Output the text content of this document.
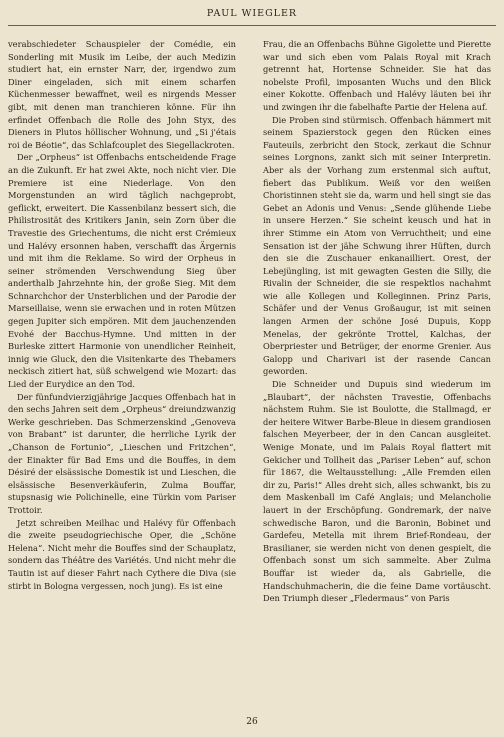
PAUL WIEGLER

verabschiedeter Schauspieler der Comédie, ein Sonderling mit Musik im Leibe, der auch Medizin studiert hat, ein ernster Narr, der, irgendwo zum Diner eingeladen, sich mit einem scharfen Küchenmesser bewaffnet, weil es nirgends Messer gibt, mit denen man tranchieren könne. Für ihn erfindet Offenbach die Rolle des John Styx, des Dieners in Plutos höllischer Wohnung, und „Si j'étais roi de Béotie“, das Schlafcouplet des Siegellackroten.

Der „Orpheus“ ist Offenbachs entscheidende Frage an die Zukunft. Er hat zwei Akte, noch nicht vier. Die Premiere ist eine Niederlage. Von den Morgenstunden an wird täglich nachgeprobt, geflickt, erweitert. Die Kassenbilanz bessert sich, die Philistrosität des Kritikers Janin, sein Zorn über die Travestie des Griechentums, die nicht erst Crémieux und Halévy ersonnen haben, verschafft das Ärgernis und mit ihm die Reklame. So wird der Orpheus in seiner strömenden Verschwendung Sieg über anderthalb Jahrzehnte hin, der große Sieg. Mit dem Schnarchchor der Unsterblichen und der Parodie der Marseillaise, wenn sie erwachen und in roten Mützen gegen Jupiter sich empören. Mit dem jauchenzenden Evohé der Bacchus-Hymne. Und mitten in der Burleske zittert Harmonie von unendlicher Reinheit, innig wie Gluck, den die Visitenkarte des Thebamers neckisch zitiert hat, süß schwelgend wie Mozart: das Lied der Eurydice an den Tod.

Der fünfundvierzigjährige Jacques Offenbach hat in den sechs Jahren seit dem „Orpheus“ dreiundzwanzig Werke geschrieben. Das Schmerzenskind „Genoveva von Brabant“ ist darunter, die herrliche Lyrik der „Chanson de Fortunio“, „Lieschen und Fritzchen“, der Einakter für Bad Ems und die Bouffes, in dem Désiré der elsässische Domestik ist und Lieschen, die elsässische Besenverkäuferin, Zulma Bouffar, stupsnasig wie Polichinelle, eine Türkin vom Pariser Trottoir.

Jetzt schreiben Meilhac und Halévy für Offenbach die zweite pseudogriechische Oper, die „Schöne Helena“. Nicht mehr die Bouffes sind der Schauplatz, sondern das Théâtre des Variétés. Und nicht mehr die Tautin ist auf dieser Fahrt nach Cythere die Diva (sie stirbt in Bologna vergessen, noch jung). Es ist eine

Frau, die an Offenbachs Bühne Gigolette und Pierette war und sich eben vom Palais Royal mit Krach getrennt hat, Hortense Schneider. Sie hat das nobelste Profil, imposanten Wuchs und den Blick einer Kokotte. Offenbach und Halévy läuten bei ihr und zwingen ihr die fabelhafte Partie der Helena auf.

Die Proben sind stürmisch. Offenbach hämmert mit seinem Spazierstock gegen den Rücken eines Fauteuils, zerbricht den Stock, zerkaut die Schnur seines Lorgnons, zankt sich mit seiner Interpretin. Aber als der Vorhang zum erstenmal sich auftut, fiebert das Publikum. Weiß vor den weißen Choristinnen steht sie da, warm und hell singt sie das Gebet an Adonis und Venus: „Sende glühende Liebe in unsere Herzen.“ Sie scheint keusch und hat in ihrer Stimme ein Atom von Verruchtheit; und eine Sensation ist der jähe Schwung ihrer Hüften, durch den sie die Zuschauer enkanailliert. Orest, der Lebejüngling, ist mit gewagten Gesten die Silly, die Rivalin der Schneider, die sie respektlos nachahmt wie alle Kollegen und Kolleginnen. Prinz Paris, Schäfer und der Venus Großaugur, ist mit seinen langen Armen der schöne José Dupuis, Kopp Menelas, der gekrönte Trottel, Kalchas, der Oberpriester und Betrüger, der enorme Grenier. Aus Galopp und Charivari ist der rasende Cancan geworden.

Die Schneider und Dupuis sind wiederum im „Blaubart“, der nächsten Travestie, Offenbachs nächstem Ruhm. Sie ist Boulotte, die Stallmagd, er der heitere Witwer Barbe-Bleue in diesem grandiosen falschen Meyerbeer, der in den Cancan ausgleitet. Wenige Monate, und im Palais Royal flattert mit Gekicher und Tollheit das „Pariser Leben“ auf, schon für 1867, die Weltausstellung: „Alle Fremden eilen dir zu, Paris!“ Alles dreht sich, alles schwankt, bis zu dem Maskenball im Café Anglais; und Melancholie lauert in der Erschöpfung. Gondremark, der naive schwedische Baron, und die Baronin, Bobinet und Gardefeu, Metella mit ihrem Brief-Rondeau, der Brasilianer, sie werden nicht von denen gespielt, die Offenbach sonst um sich sammelte. Aber Zulma Bouffar ist wieder da, als Gabrielle, die Handschuhmacherin, die die feine Dame vortäuscht. Den Triumph dieser „Fledermaus“ von Paris

26
